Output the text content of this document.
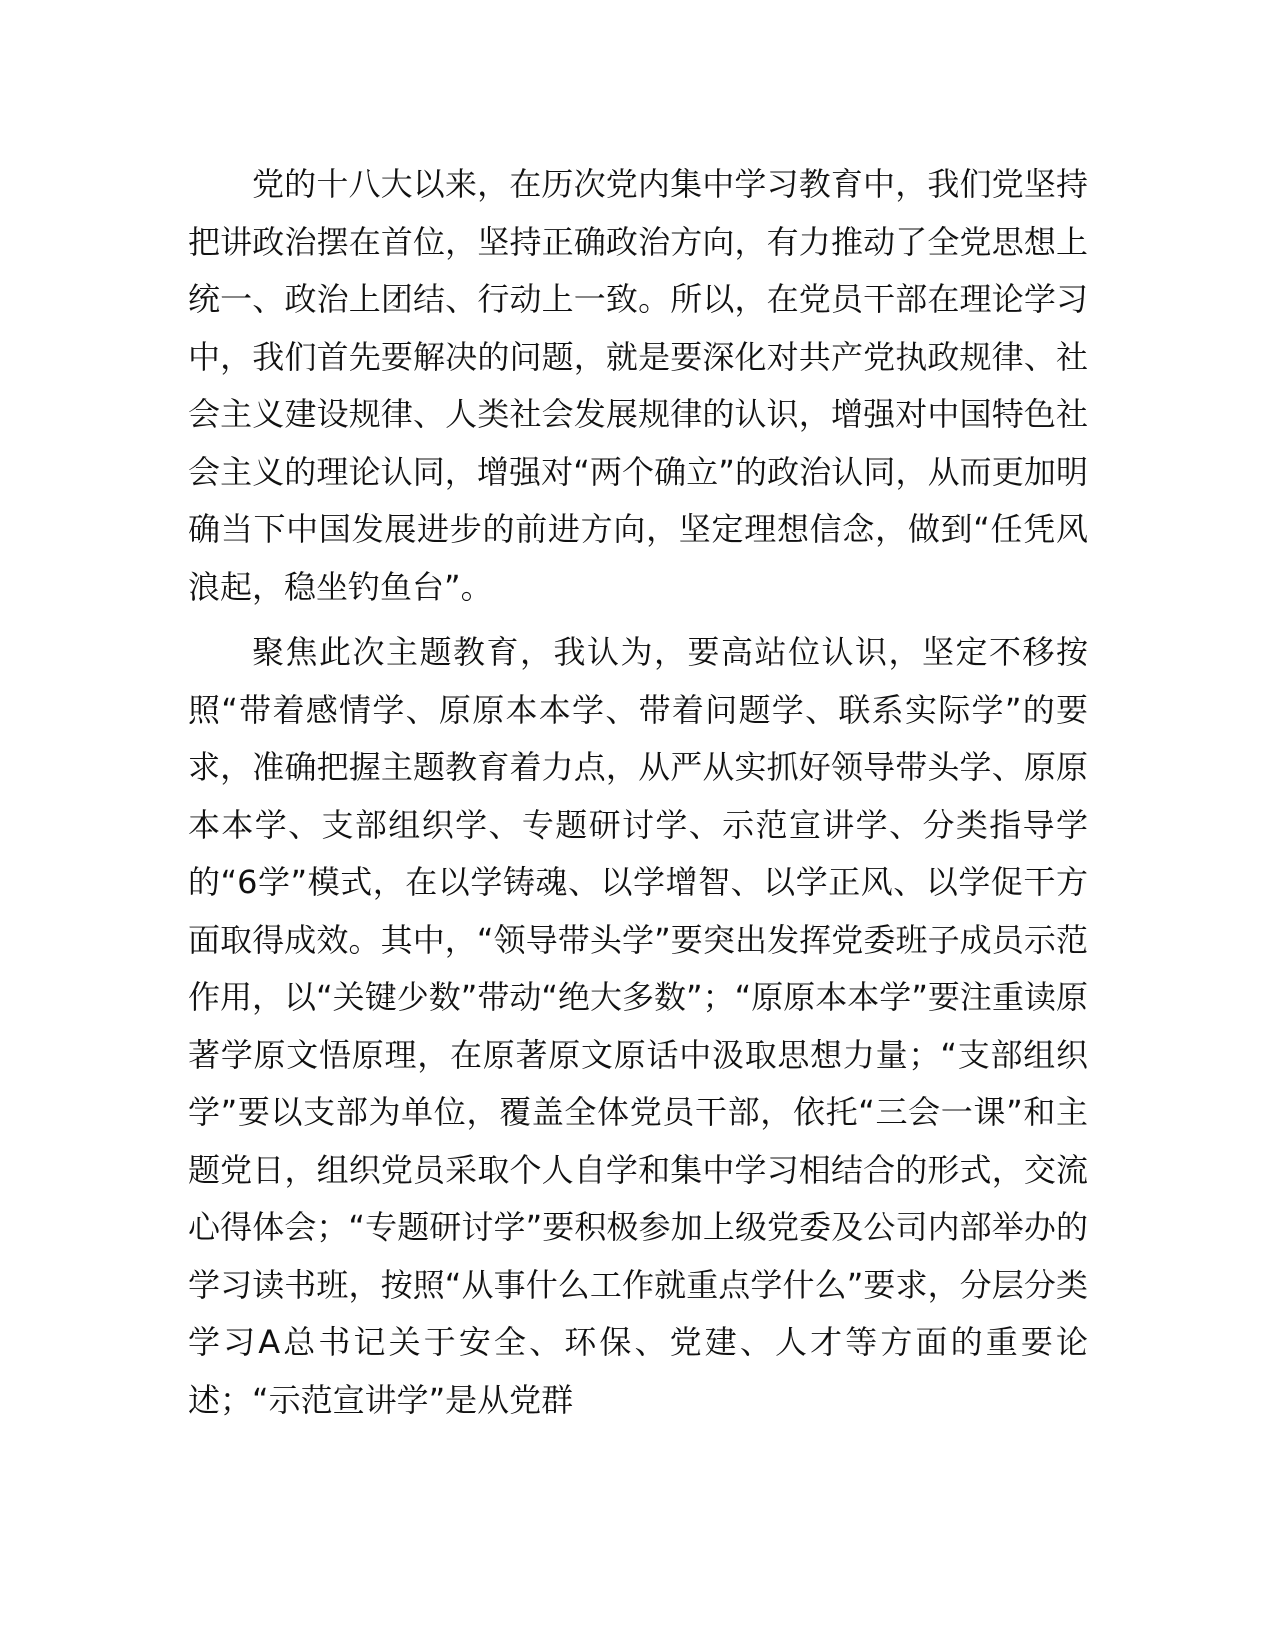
党的十八大以来，在历次党内集中学习教育中，我们党坚持把讲政治摆在首位，坚持正确政治方向，有力推动了全党思想上统一、政治上团结、行动上一致。所以，在党员干部在理论学习中，我们首先要解决的问题，就是要深化对共产党执政规律、社会主义建设规律、人类社会发展规律的认识，增强对中国特色社会主义的理论认同，增强对“两个确立”的政治认同，从而更加明确当下中国发展进步的前进方向，坚定理想信念，做到“任凭风浪起，稳坐钓鱼台”。

聚焦此次主题教育，我认为，要高站位认识，坚定不移按照“带着感情学、原原本本学、带着问题学、联系实际学”的要求，准确把握主题教育着力点，从严从实抓好领导带头学、原原本本学、支部组织学、专题研讨学、示范宣讲学、分类指导学的“6学”模式，在以学铸魂、以学增智、以学正风、以学促干方面取得成效。其中，“领导带头学”要突出发挥党委班子成员示范作用，以“关键少数”带动“绝大多数”；“原原本本学”要注重读原著学原文悟原理，在原著原文原话中汲取思想力量；“支部组织学”要以支部为单位，覆盖全体党员干部，依托“三会一课”和主题党日，组织党员采取个人自学和集中学习相结合的形式，交流心得体会；“专题研讨学”要积极参加上级党委及公司内部举办的学习读书班，按照“从事什么工作就重点学什么”要求，分层分类学习A总书记关于安全、环保、党建、人才等方面的重要论述；“示范宣讲学”是从党群
